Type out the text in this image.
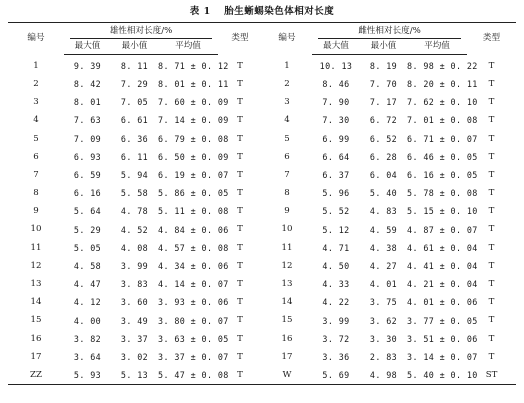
表 1 胎生蜥蜴染色体相对长度
编号	雄性相对长度/%			类型	编号	雌性相对长度/%			类型
	最大值	最小值	平均值			最大值	最小值	平均值	
1	9. 39	8. 11	8. 71 ± 0. 12	T	1	10. 13	8. 19	8. 98 ± 0. 22	T
2	8. 42	7. 29	8. 01 ± 0. 11	T	2	8. 46	7. 70	8. 20 ± 0. 11	T
3	8. 01	7. 05	7. 60 ± 0. 09	T	3	7. 90	7. 17	7. 62 ± 0. 10	T
4	7. 63	6. 61	7. 14 ± 0. 09	T	4	7. 30	6. 72	7. 01 ± 0. 08	T
5	7. 09	6. 36	6. 79 ± 0. 08	T	5	6. 99	6. 52	6. 71 ± 0. 07	T
6	6. 93	6. 11	6. 50 ± 0. 09	T	6	6. 64	6. 28	6. 46 ± 0. 05	T
7	6. 59	5. 94	6. 19 ± 0. 07	T	7	6. 37	6. 04	6. 16 ± 0. 05	T
8	6. 16	5. 58	5. 86 ± 0. 05	T	8	5. 96	5. 40	5. 78 ± 0. 08	T
9	5. 64	4. 78	5. 11 ± 0. 08	T	9	5. 52	4. 83	5. 15 ± 0. 10	T
10	5. 29	4. 52	4. 84 ± 0. 06	T	10	5. 12	4. 59	4. 87 ± 0. 07	T
11	5. 05	4. 08	4. 57 ± 0. 08	T	11	4. 71	4. 38	4. 61 ± 0. 04	T
12	4. 58	3. 99	4. 34 ± 0. 06	T	12	4. 50	4. 27	4. 41 ± 0. 04	T
13	4. 47	3. 83	4. 14 ± 0. 07	T	13	4. 33	4. 01	4. 21 ± 0. 04	T
14	4. 12	3. 60	3. 93 ± 0. 06	T	14	4. 22	3. 75	4. 01 ± 0. 06	T
15	4. 00	3. 49	3. 80 ± 0. 07	T	15	3. 99	3. 62	3. 77 ± 0. 05	T
16	3. 82	3. 37	3. 63 ± 0. 05	T	16	3. 72	3. 30	3. 51 ± 0. 06	T
17	3. 64	3. 02	3. 37 ± 0. 07	T	17	3. 36	2. 83	3. 14 ± 0. 07	T
ZZ	5. 93	5. 13	5. 47 ± 0. 08	T	W	5. 69	4. 98	5. 40 ± 0. 10	ST
